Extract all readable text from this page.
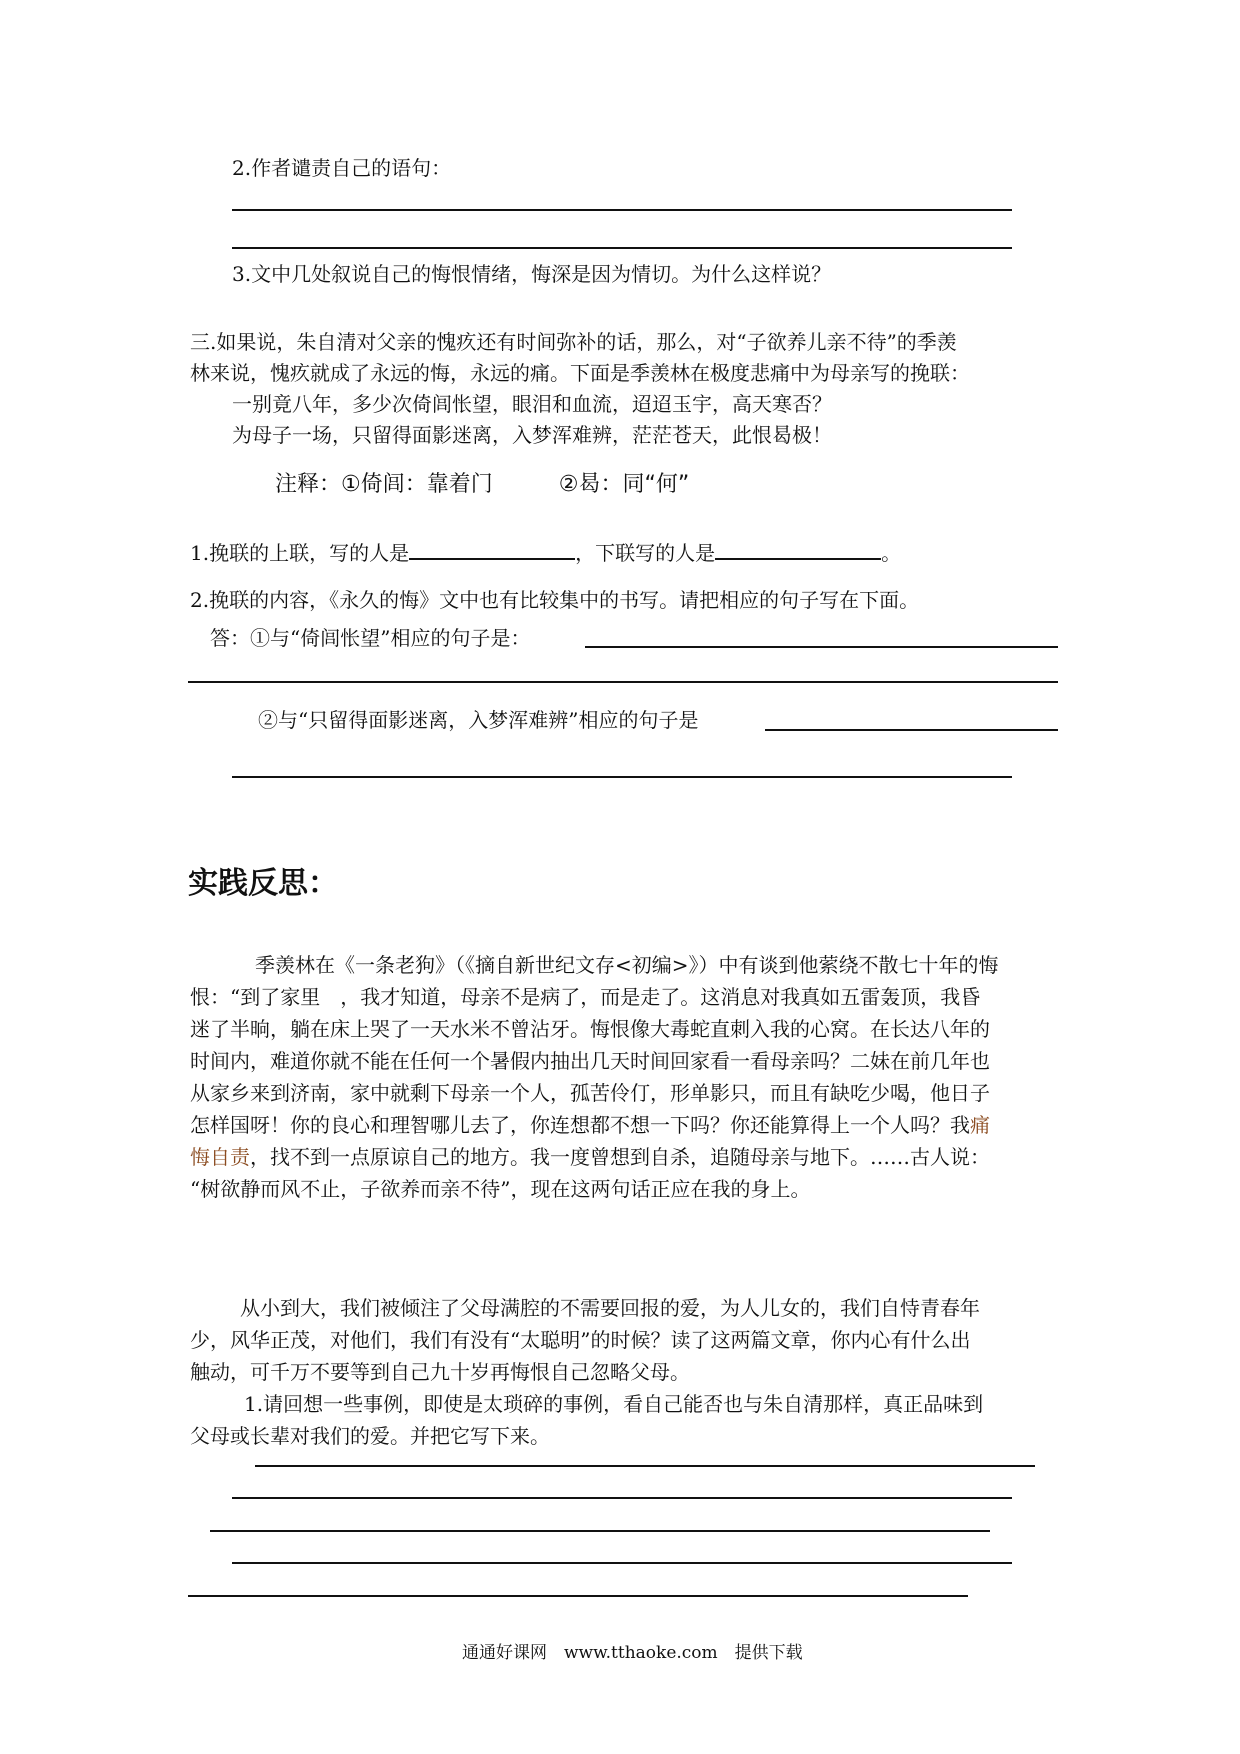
2.作者谴责自己的语句：
3.文中几处叙说自己的悔恨情绪，悔深是因为情切。为什么这样说？
三.如果说，朱自清对父亲的愧疚还有时间弥补的话，那么，对“子欲养儿亲不待”的季羡
林来说，愧疚就成了永远的悔，永远的痛。下面是季羡林在极度悲痛中为母亲写的挽联：
一别竟八年，多少次倚闾怅望，眼泪和血流，迢迢玉宇，高天寒否？
为母子一场，只留得面影迷离，入梦浑难辨，茫茫苍天，此恨曷极！
注释：①倚闾：靠着门　　　②曷：同“何”
1.挽联的上联，写的人是	，下联写的人是	。
2.挽联的内容，《永久的悔》文中也有比较集中的书写。请把相应的句子写在下面。
答：①与“倚闾怅望”相应的句子是：
②与“只留得面影迷离，入梦浑难辨”相应的句子是
实践反思：
季羡林在《一条老狗》（《摘自新世纪文存<初编>》）中有谈到他萦绕不散七十年的悔
恨：“到了家里　，我才知道，母亲不是病了，而是走了。这消息对我真如五雷轰顶，我昏
迷了半晌，躺在床上哭了一天水米不曾沾牙。悔恨像大毒蛇直刺入我的心窝。在长达八年的
时间内，难道你就不能在任何一个暑假内抽出几天时间回家看一看母亲吗？二妹在前几年也
从家乡来到济南，家中就剩下母亲一个人，孤苦伶仃，形单影只，而且有缺吃少喝，他日子
怎样国呀！你的良心和理智哪儿去了，你连想都不想一下吗？你还能算得上一个人吗？我痛
悔自责，找不到一点原谅自己的地方。我一度曾想到自杀，追随母亲与地下。……古人说：
“树欲静而风不止，子欲养而亲不待”，现在这两句话正应在我的身上。
从小到大，我们被倾注了父母满腔的不需要回报的爱，为人儿女的，我们自恃青春年
少，风华正茂，对他们，我们有没有“太聪明”的时候？读了这两篇文章，你内心有什么出
触动，可千万不要等到自己九十岁再悔恨自己忽略父母。
1.请回想一些事例，即使是太琐碎的事例，看自己能否也与朱自清那样，真正品味到
父母或长辈对我们的爱。并把它写下来。
通通好课网　www.tthaoke.com　提供下载
